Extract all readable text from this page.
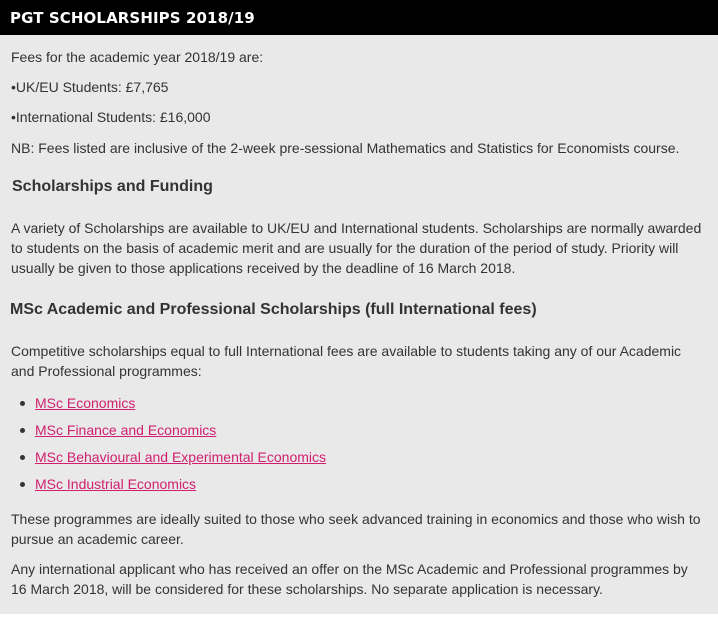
PGT SCHOLARSHIPS 2018/19

Fees for the academic year 2018/19 are:

•UK/EU Students: £7,765

•International Students: £16,000

NB: Fees listed are inclusive of the 2-week pre-sessional Mathematics and Statistics for Economists course.

Scholarships and Funding

A variety of Scholarships are available to UK/EU and International students. Scholarships are normally awarded to students on the basis of academic merit and are usually for the duration of the period of study. Priority will usually be given to those applications received by the deadline of 16 March 2018.

MSc Academic and Professional Scholarships (full International fees)

Competitive scholarships equal to full International fees are available to students taking any of our Academic and Professional programmes:

MSc Economics
MSc Finance and Economics
MSc Behavioural and Experimental Economics
MSc Industrial Economics

These programmes are ideally suited to those who seek advanced training in economics and those who wish to pursue an academic career.

Any international applicant who has received an offer on the MSc Academic and Professional programmes by 16 March 2018, will be considered for these scholarships. No separate application is necessary.
